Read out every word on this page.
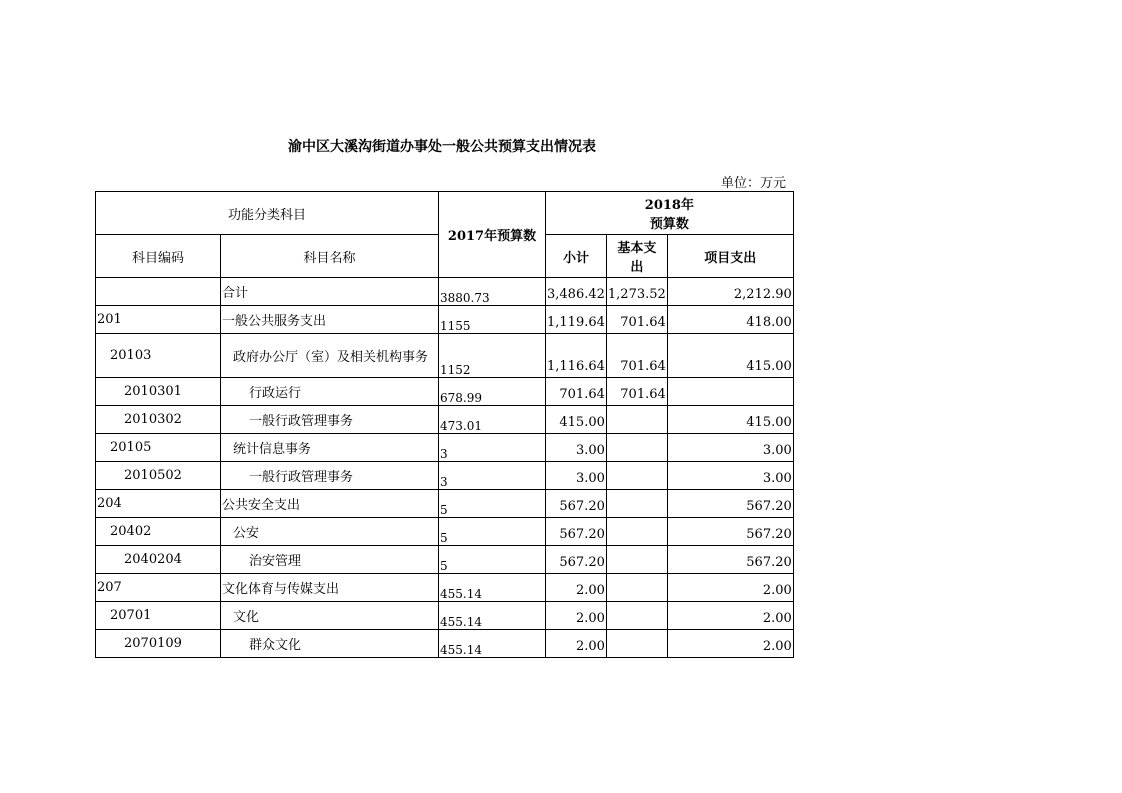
渝中区大溪沟街道办事处一般公共预算支出情况表
单位：万元
功能分类科目		2017年预算数	2018年
预算数		
科目编码	科目名称		小计	基本支
出	项目支出
	合计	3880.73	3,486.42	1,273.52	2,212.90
201	一般公共服务支出	1155	1,119.64	701.64	418.00
20103	政府办公厅（室）及相关机构事务	1152	1,116.64	701.64	415.00
2010301	行政运行	678.99	701.64	701.64	
2010302	一般行政管理事务	473.01	415.00		415.00
20105	统计信息事务	3	3.00		3.00
2010502	一般行政管理事务	3	3.00		3.00
204	公共安全支出	5	567.20		567.20
20402	公安	5	567.20		567.20
2040204	治安管理	5	567.20		567.20
207	文化体育与传媒支出	455.14	2.00		2.00
20701	文化	455.14	2.00		2.00
2070109	群众文化	455.14	2.00		2.00
